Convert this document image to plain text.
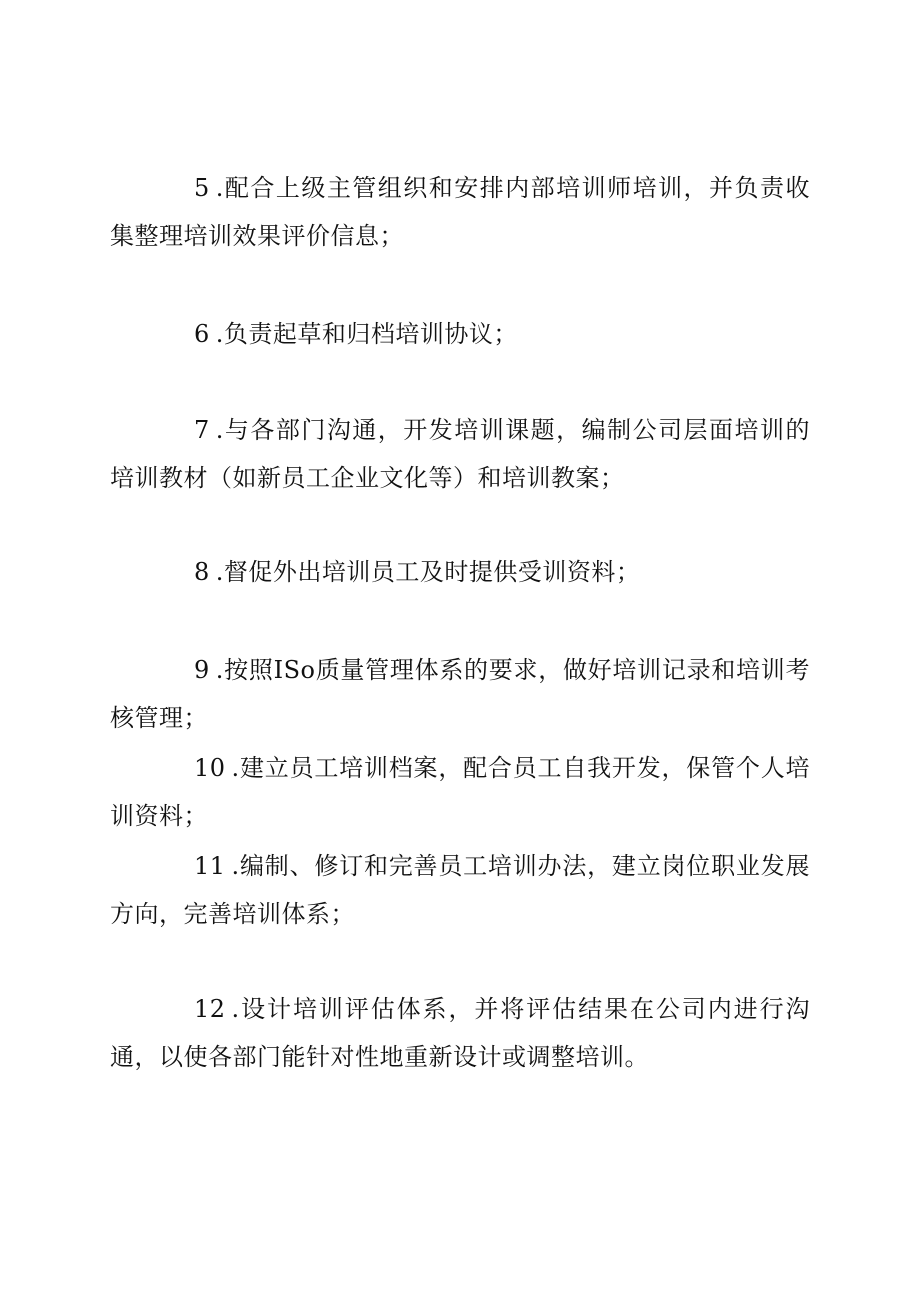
5 .配合上级主管组织和安排内部培训师培训，并负责收集整理培训效果评价信息；

6 .负责起草和归档培训协议；

7 .与各部门沟通，开发培训课题，编制公司层面培训的培训教材（如新员工企业文化等）和培训教案；

8 .督促外出培训员工及时提供受训资料；

9 .按照ISo质量管理体系的要求，做好培训记录和培训考核管理；

10 .建立员工培训档案，配合员工自我开发，保管个人培训资料；

11 .编制、修订和完善员工培训办法，建立岗位职业发展方向，完善培训体系；

12 .设计培训评估体系，并将评估结果在公司内进行沟通，以使各部门能针对性地重新设计或调整培训。
